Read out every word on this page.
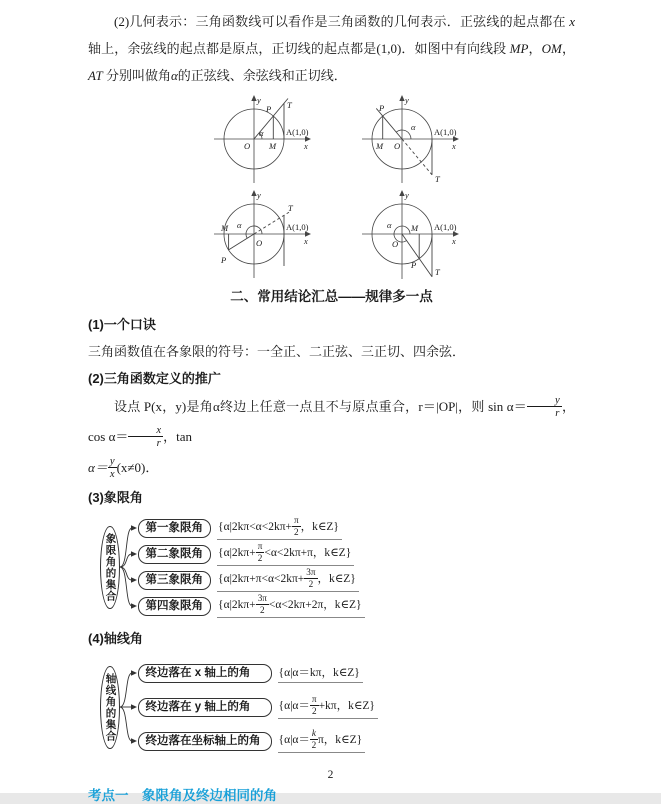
(2)几何表示：三角函数线可以看作是三角函数的几何表示．正弦线的起点都在 x 轴上，余弦线的起点都是原点，正切线的起点都是(1,0)．如图中有向线段 MP，OM，AT 分别叫做角α的正弦线、余弦线和正切线．

y
x
O M
P T
A(1,0)
α
y
x
O
M
P
T
A(1,0)
α
y
x
O
M
P
T
A(1,0)
α
y
x
O
M
P
T
A(1,0)
α
二、常用结论汇总——规律多一点
(1)一个口诀

三角函数值在各象限的符号：一全正、二正弦、三正切、四余弦．

(2)三角函数定义的推广

设点 P(x，y)是角α终边上任意一点且不与原点重合，r＝|OP|，则 $\sin \alpha= \frac{y}{r}$ ，$\cos \alpha= \frac{x}{r}$ ，tan

$\alpha= \frac{y}{x} (x\ne 0)$．

(3)象限角
象限角的集合
第一象限角	{$\alpha|2k\pi<\alpha<2k\pi+ \frac{\pi}{2}$ ，k∈Z}
第二象限角	{$\alpha|2k\pi+ \frac{\pi}{2} <\alpha<2k\pi+\pi$，k∈Z}
第三象限角	{$\alpha|2k\pi+\pi<\alpha<2k\pi+ \frac{3\pi}{2}$ ，k∈Z}
第四象限角	{$\alpha|2k\pi+ \frac{3\pi}{2} <\alpha<2k\pi+2\pi$，k∈Z}
(4)轴线角
轴线角的集合	终边落在 x 轴上的角	{α|α＝kπ，k∈Z}
终边落在 y 轴上的角	{$\alpha|\alpha= \frac{\pi}{2} +k\pi$，k∈Z}
终边落在坐标轴上的角	{$\alpha|\alpha= \frac{k}{2}$ π，k∈Z}
考点一　象限角及终边相同的角
2
